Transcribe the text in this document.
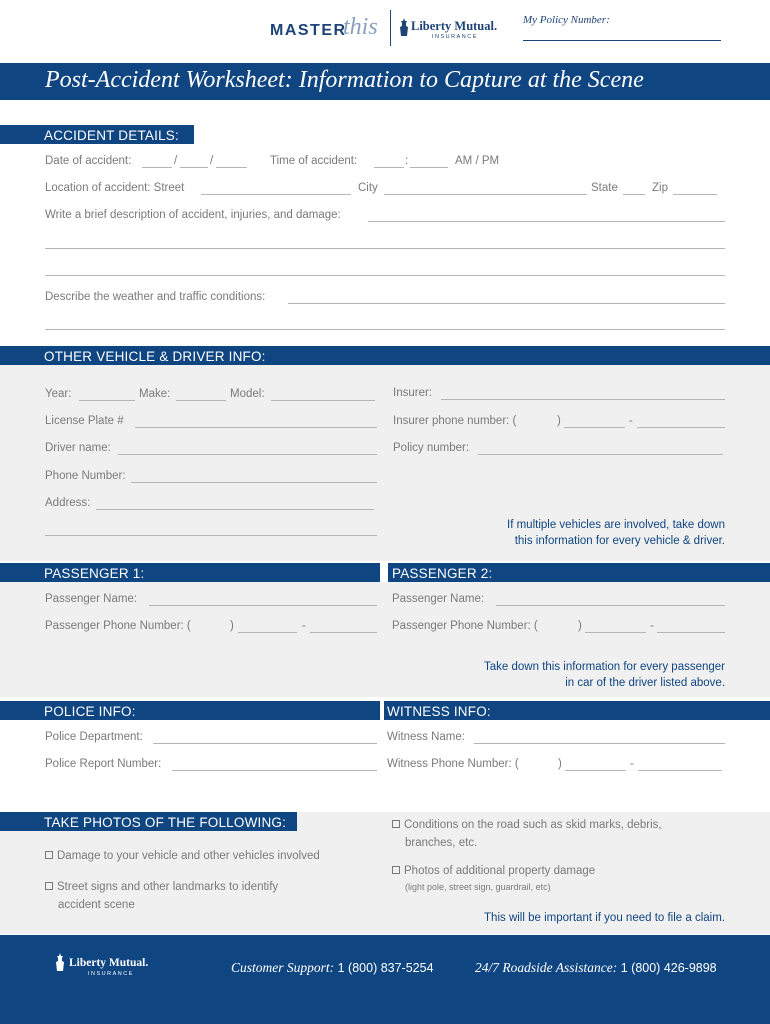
MASTER
this	Liberty Mutual.
INSURANCE
My Policy Number:
Post-Accident Worksheet: Information to Capture at the Scene
ACCIDENT DETAILS:
Date of accident:	/	/	Time of accident:	:	AM / PM
Location of accident: Street	City	State	Zip
Write a brief description of accident, injuries, and damage:
Describe the weather and traffic conditions:
OTHER VEHICLE & DRIVER INFO:
Year:	Make:	Model:
License Plate #
Driver name:
Phone Number:
Address:
Insurer:
Insurer phone number: (	)	-
Policy number:
If multiple vehicles are involved, take down
this information for every vehicle & driver.
PASSENGER 1:	PASSENGER 2:
Passenger Name:
Passenger Phone Number: (	)	-
Passenger Name:
Passenger Phone Number: (	)	-
Take down this information for every passenger
in car of the driver listed above.
POLICE INFO:	WITNESS INFO:
Police Department:
Police Report Number:
Witness Name:
Witness Phone Number: (	)	-
TAKE PHOTOS OF THE FOLLOWING:
Damage to your vehicle and other vehicles involved
Street signs and other landmarks to identify
accident scene
Conditions on the road such as skid marks, debris,
branches, etc.
Photos of additional property damage
(light pole, street sign, guardrail, etc)
This will be important if you need to file a claim.
Liberty Mutual.
INSURANCE	Customer Support: 1 (800) 837-5254	24/7 Roadside Assistance: 1 (800) 426-9898
